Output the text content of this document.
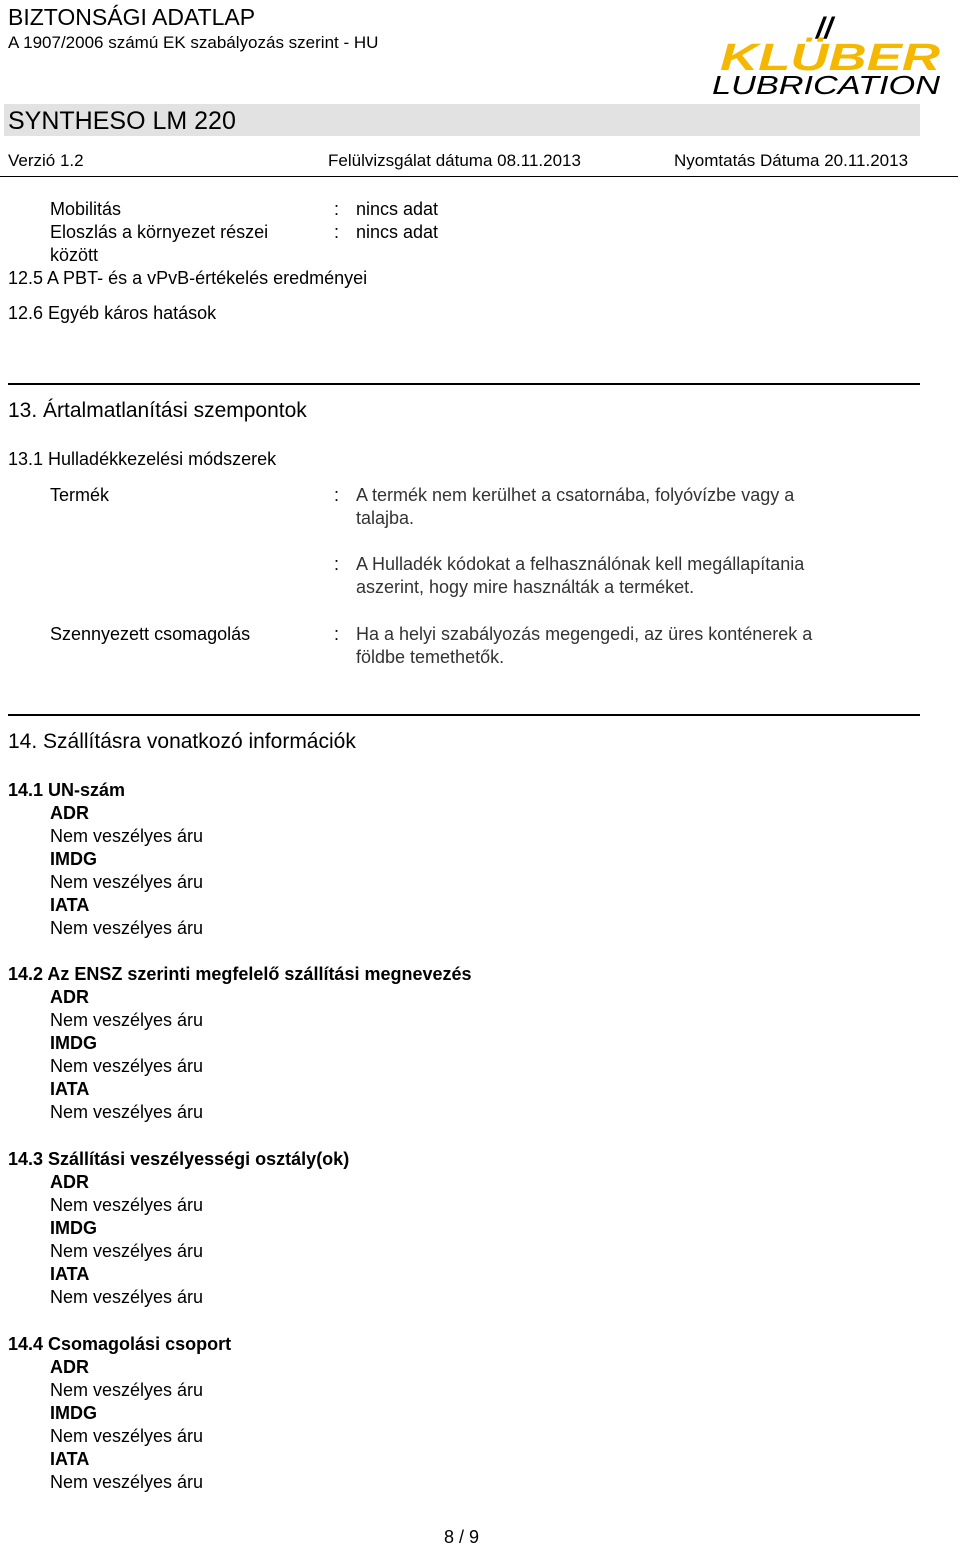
BIZTONSÁGI ADATLAP
A 1907/2006 számú EK szabályozás szerint - HU	//
KLÜBER
LUBRICATION
SYNTHESO LM 220
Verzió 1.2	Felülvizsgálat dátuma 08.11.2013	Nyomtatás Dátuma 20.11.2013
Mobilitás	: nincs adat
Eloszlás a környezet részei
között
: nincs adat
12.5 A PBT- és a vPvB-értékelés eredményei
12.6 Egyéb káros hatások
13. Ártalmatlanítási szempontok
13.1 Hulladékkezelési módszerek
Termék	: A termék nem kerülhet a csatornába, folyóvízbe vagy a
talajba.
: A Hulladék kódokat a felhasználónak kell megállapítania
aszerint, hogy mire használták a terméket.
Szennyezett csomagolás	: Ha a helyi szabályozás megengedi, az üres konténerek a
földbe temethetők.
14. Szállításra vonatkozó információk
14.1 UN-szám
ADR
Nem veszélyes áru
IMDG
Nem veszélyes áru
IATA
Nem veszélyes áru
14.2 Az ENSZ szerinti megfelelő szállítási megnevezés
ADR
Nem veszélyes áru
IMDG
Nem veszélyes áru
IATA
Nem veszélyes áru
14.3 Szállítási veszélyességi osztály(ok)
ADR
Nem veszélyes áru
IMDG
Nem veszélyes áru
IATA
Nem veszélyes áru
14.4 Csomagolási csoport
ADR
Nem veszélyes áru
IMDG
Nem veszélyes áru
IATA
Nem veszélyes áru
8 / 9
